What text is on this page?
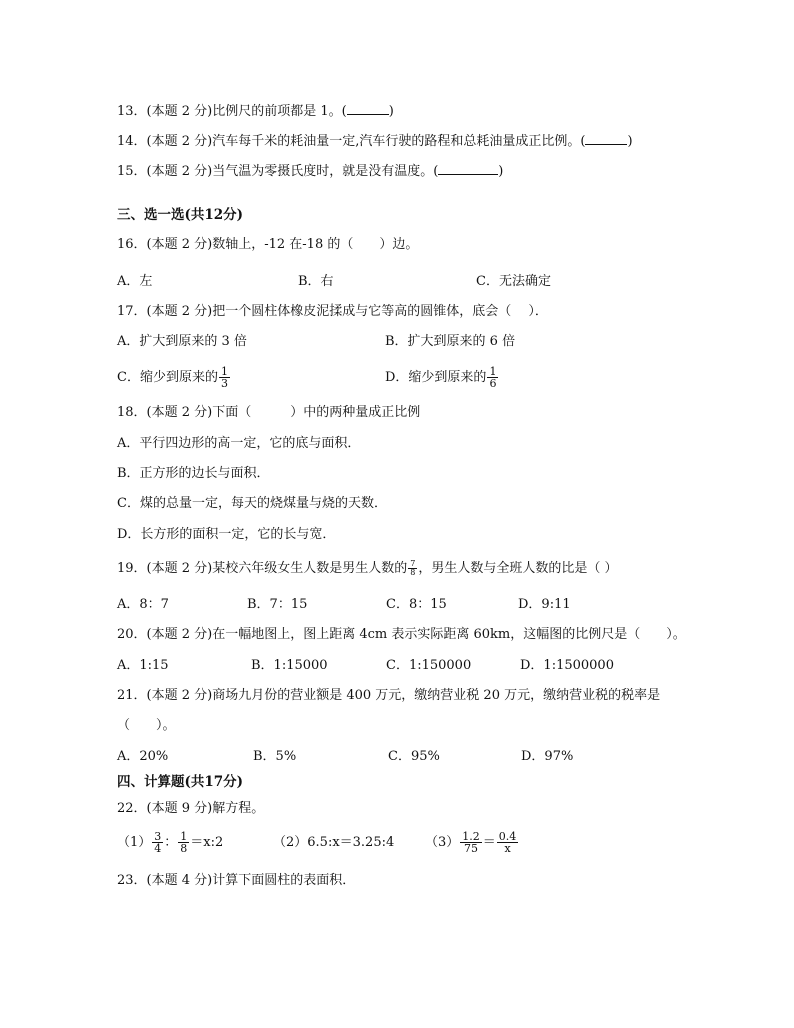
13．(本题 2 分)比例尺的前项都是 1。(	)
14．(本题 2 分)汽车每千米的耗油量一定,汽车行驶的路程和总耗油量成正比例。(	)
15．(本题 2 分)当气温为零摄氏度时，就是没有温度。(	)
三、选一选(共12分)
16．(本题 2 分)数轴上，-12 在-18 的（　　）边。
A．左	B．右	C．无法确定
17．(本题 2 分)把一个圆柱体橡皮泥揉成与它等高的圆锥体，底会（　 ）．
A．扩大到原来的 3 倍	B．扩大到原来的 6 倍
C．缩少到原来的 $\frac{1}{3}$	D．缩少到原来的 $\frac{1}{6}$
18．(本题 2 分)下面（　　　）中的两种量成正比例
A．平行四边形的高一定，它的底与面积．
B．正方形的边长与面积．
C．煤的总量一定，每天的烧煤量与烧的天数．
D．长方形的面积一定，它的长与宽．
19．(本题 2 分)某校六年级女生人数是男生人数的 $\frac{7}{8}$ ，男生人数与全班人数的比是（ ）
A．8：7	B．7：15	C．8：15	D．9:11
20．(本题 2 分)在一幅地图上，图上距离 4cm 表示实际距离 60km，这幅图的比例尺是（　　）。
A．1:15	B．1:15000	C．1:150000	D．1:1500000
21．(本题 2 分)商场九月份的营业额是 400 万元，缴纳营业税 20 万元，缴纳营业税的税率是
（　　）。
A．20%	B．5%	C．95%	D．97%
四、计算题(共17分)
22．(本题 9 分)解方程。
$(1) \frac{3}{4}$ ： $\frac{1}{8}$ ＝x:2	（2）6.5:x＝3.25:4 $(3) \frac{1.2}{75} = \frac{0.4}{x}$
23．(本题 4 分)计算下面圆柱的表面积．
